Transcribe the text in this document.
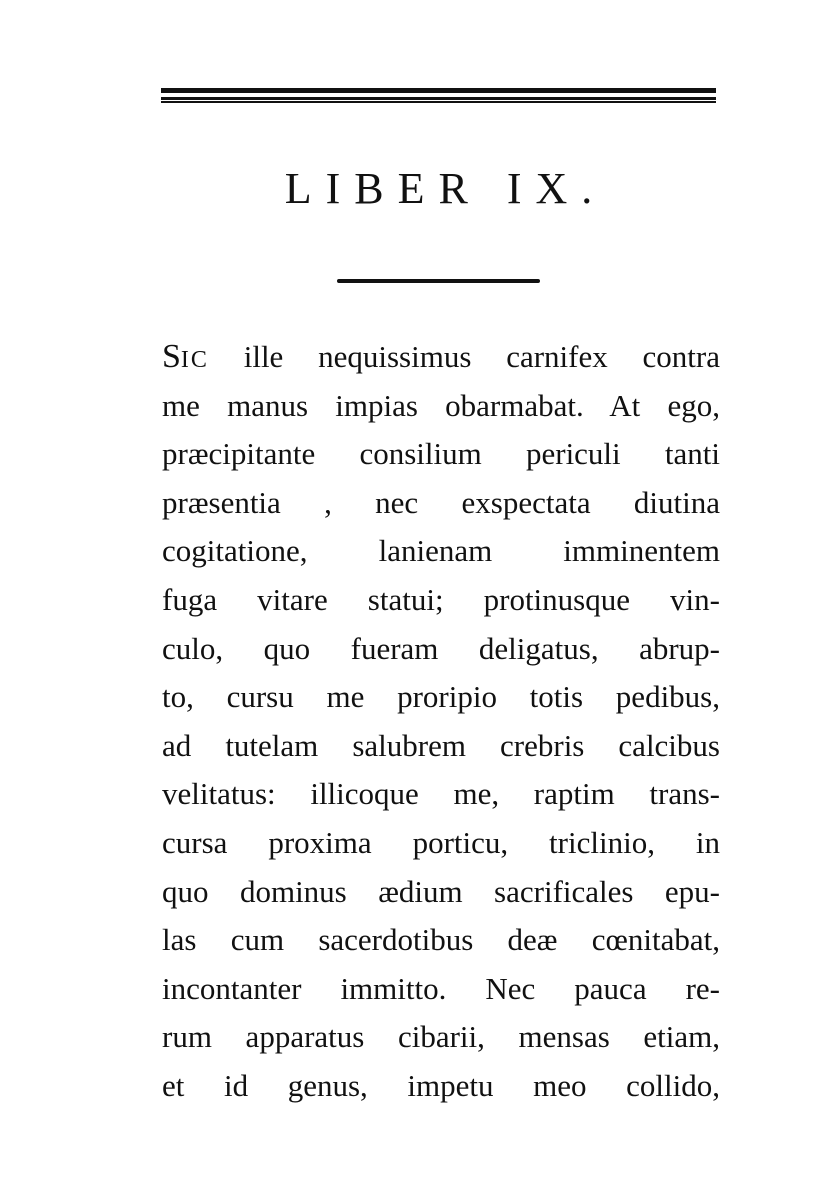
LIBER IX.
SIC ille nequissimus carnifex contra
me manus impias obarmabat. At ego,
præcipitante consilium periculi tanti
præsentia , nec exspectata diutina
cogitatione, lanienam imminentem
fuga vitare statui; protinusque vin-
culo, quo fueram deligatus, abrup-
to, cursu me proripio totis pedibus,
ad tutelam salubrem crebris calcibus
velitatus: illicoque me, raptim trans-
cursa proxima porticu, triclinio, in
quo dominus ædium sacrificales epu-
las cum sacerdotibus deæ cœnitabat,
incontanter immitto. Nec pauca re-
rum apparatus cibarii, mensas etiam,
et id genus, impetu meo collido,
